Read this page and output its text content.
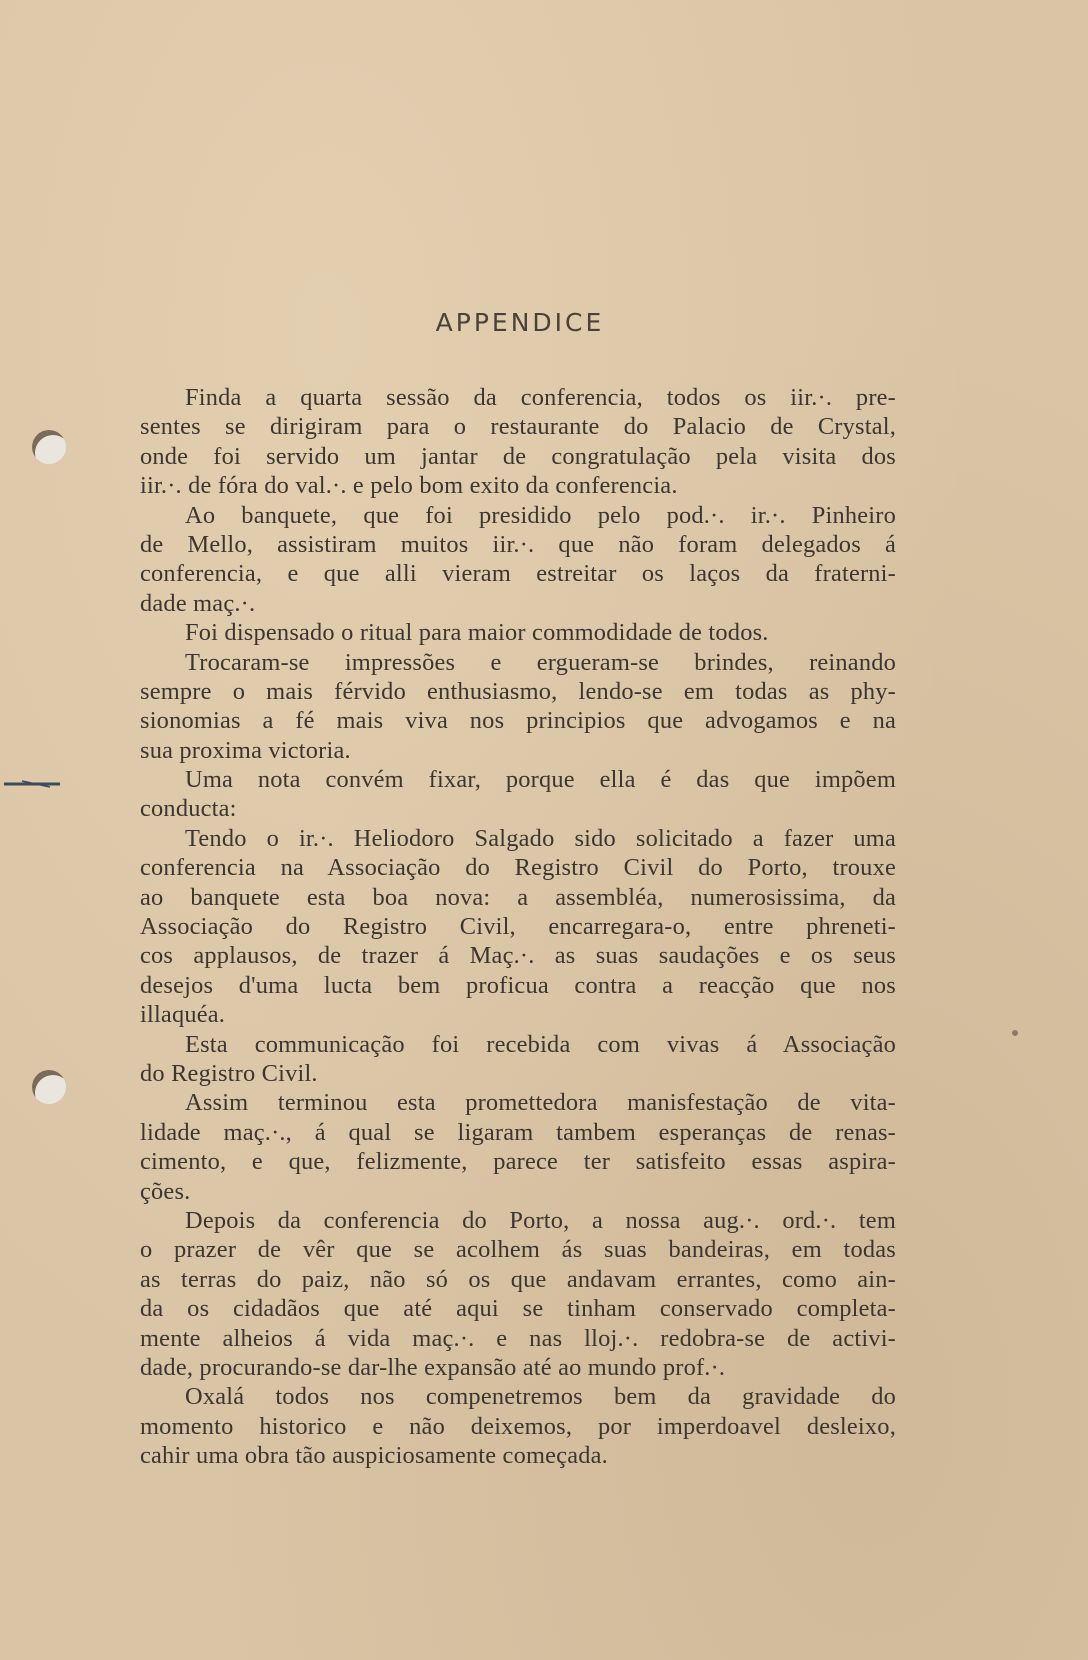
APPENDICE
Finda a quarta sessão da conferencia, todos os iir.·. pre-
sentes se dirigiram para o restaurante do Palacio de Crystal,
onde foi servido um jantar de congratulação pela visita dos
iir.·. de fóra do val.·. e pelo bom exito da conferencia.
Ao banquete, que foi presidido pelo pod.·. ir.·. Pinheiro
de Mello, assistiram muitos iir.·. que não foram delegados á
conferencia, e que alli vieram estreitar os laços da fraterni-
dade maç.·.
Foi dispensado o ritual para maior commodidade de todos.
Trocaram-se impressões e ergueram-se brindes, reinando
sempre o mais férvido enthusiasmo, lendo-se em todas as phy-
sionomias a fé mais viva nos principios que advogamos e na
sua proxima victoria.
Uma nota convém fixar, porque ella é das que impõem
conducta:
Tendo o ir.·. Heliodoro Salgado sido solicitado a fazer uma
conferencia na Associação do Registro Civil do Porto, trouxe
ao banquete esta boa nova: a assembléa, numerosissima, da
Associação do Registro Civil, encarregara-o, entre phreneti-
cos applausos, de trazer á Maç.·. as suas saudações e os seus
desejos d'uma lucta bem proficua contra a reacção que nos
illaquéa.
Esta communicação foi recebida com vivas á Associação
do Registro Civil.
Assim terminou esta promettedora manisfestação de vita-
lidade maç.·., á qual se ligaram tambem esperanças de renas-
cimento, e que, felizmente, parece ter satisfeito essas aspira-
ções.
Depois da conferencia do Porto, a nossa aug.·. ord.·. tem
o prazer de vêr que se acolhem ás suas bandeiras, em todas
as terras do paiz, não só os que andavam errantes, como ain-
da os cidadãos que até aqui se tinham conservado completa-
mente alheios á vida maç.·. e nas lloj.·. redobra-se de activi-
dade, procurando-se dar-lhe expansão até ao mundo prof.·.
Oxalá todos nos compenetremos bem da gravidade do
momento historico e não deixemos, por imperdoavel desleixo,
cahir uma obra tão auspiciosamente começada.
